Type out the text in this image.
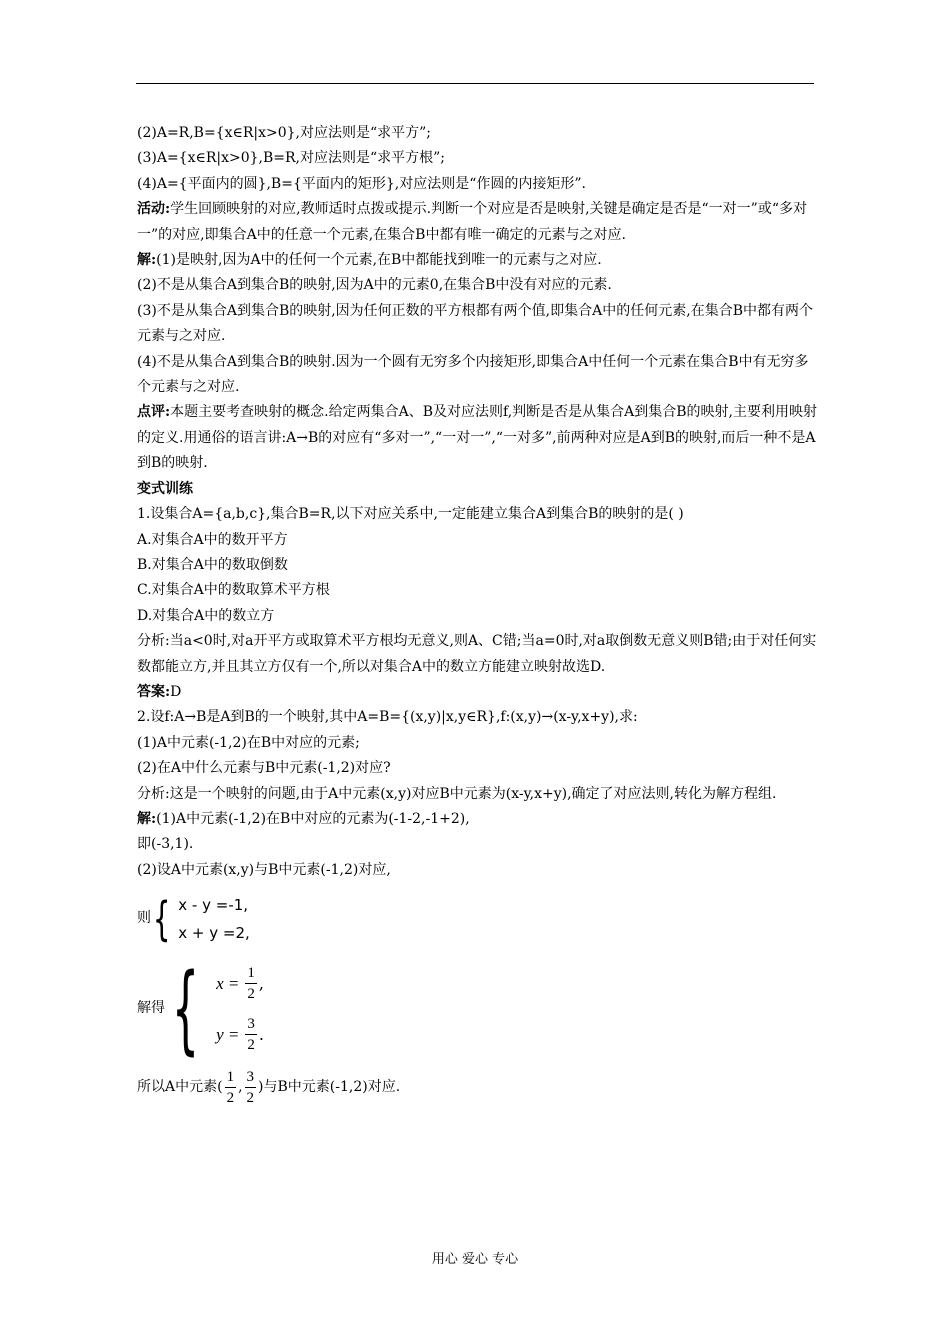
(2)A=R,B={x∈R|x>0},对应法则是“求平方”;

(3)A={x∈R|x>0},B=R,对应法则是“求平方根”;

(4)A={平面内的圆},B={平面内的矩形},对应法则是“作圆的内接矩形”.

活动:学生回顾映射的对应,教师适时点拨或提示.判断一个对应是否是映射,关键是确定是否是“一对一”或“多对一”的对应,即集合A中的任意一个元素,在集合B中都有唯一确定的元素与之对应.

解:(1)是映射,因为A中的任何一个元素,在B中都能找到唯一的元素与之对应.

(2)不是从集合A到集合B的映射,因为A中的元素0,在集合B中没有对应的元素.

(3)不是从集合A到集合B的映射,因为任何正数的平方根都有两个值,即集合A中的任何元素,在集合B中都有两个元素与之对应.

(4)不是从集合A到集合B的映射.因为一个圆有无穷多个内接矩形,即集合A中任何一个元素在集合B中有无穷多个元素与之对应.

点评:本题主要考查映射的概念.给定两集合A、B及对应法则f,判断是否是从集合A到集合B的映射,主要利用映射的定义.用通俗的语言讲:A→B的对应有“多对一”,“一对一”,“一对多”,前两种对应是A到B的映射,而后一种不是A到B的映射.

变式训练

1.设集合A={a,b,c},集合B=R,以下对应关系中,一定能建立集合A到集合B的映射的是( )

A.对集合A中的数开平方

B.对集合A中的数取倒数

C.对集合A中的数取算术平方根

D.对集合A中的数立方

分析:当a<0时,对a开平方或取算术平方根均无意义,则A、C错;当a=0时,对a取倒数无意义则B错;由于对任何实数都能立方,并且其立方仅有一个,所以对集合A中的数立方能建立映射故选D.

答案:D

2.设f:A→B是A到B的一个映射,其中A=B={(x,y)|x,y∈R},f:(x,y)→(x-y,x+y),求:

(1)A中元素(-1,2)在B中对应的元素;

(2)在A中什么元素与B中元素(-1,2)对应?

分析:这是一个映射的问题,由于A中元素(x,y)对应B中元素为(x-y,x+y),确定了对应法则,转化为解方程组.

解:(1)A中元素(-1,2)在B中对应的元素为(-1-2,-1+2),

即(-3,1).

(2)设A中元素(x,y)与B中元素(-1,2)对应,

则 { x - y =-1,
x + y =2,
解得 { $x = \frac{1}{2}$ ,
$y = \frac{3}{2}$ .
所以A中元素( $\frac{1}{2}$ , $\frac{3}{2}$ )与B中元素(-1,2)对应.
用心 爱心 专心
